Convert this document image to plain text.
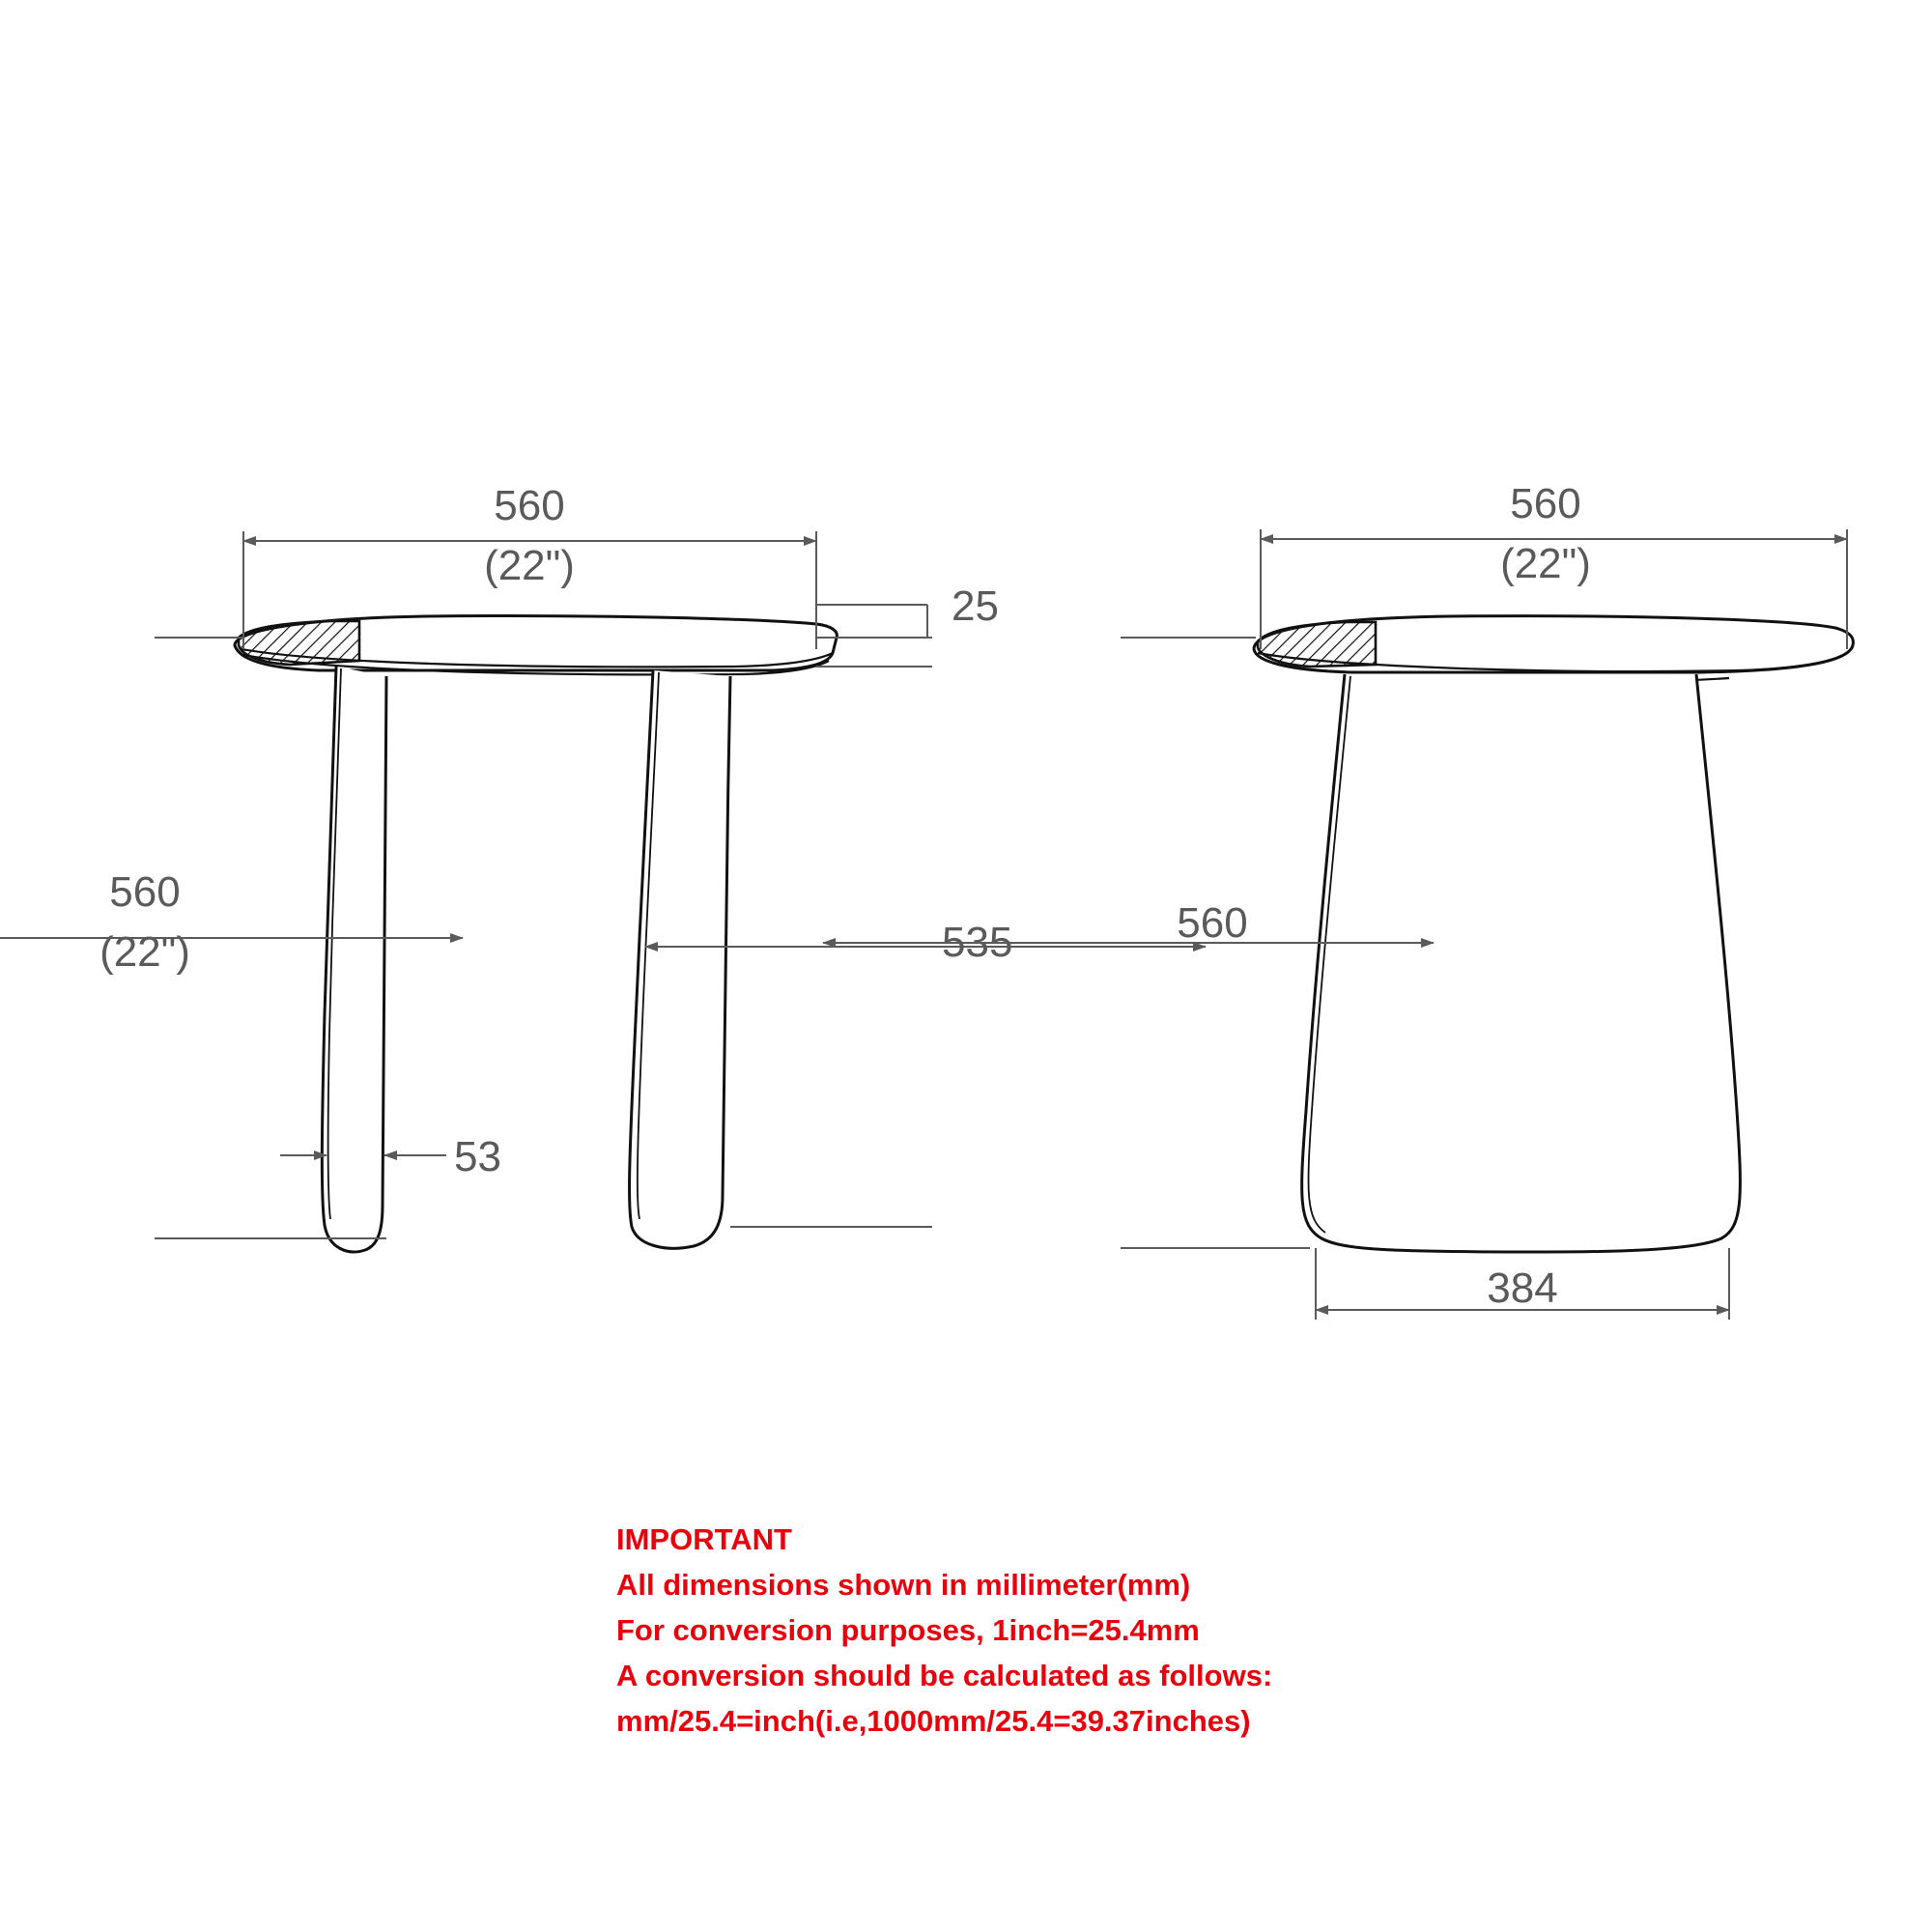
560
(22")
25
560
(22")	535
53
560
(22")
560
384
IMPORTANT
All dimensions shown in millimeter(mm)
For conversion purposes, 1inch=25.4mm
A conversion should be calculated as follows:
mm/25.4=inch(i.e,1000mm/25.4=39.37inches)
